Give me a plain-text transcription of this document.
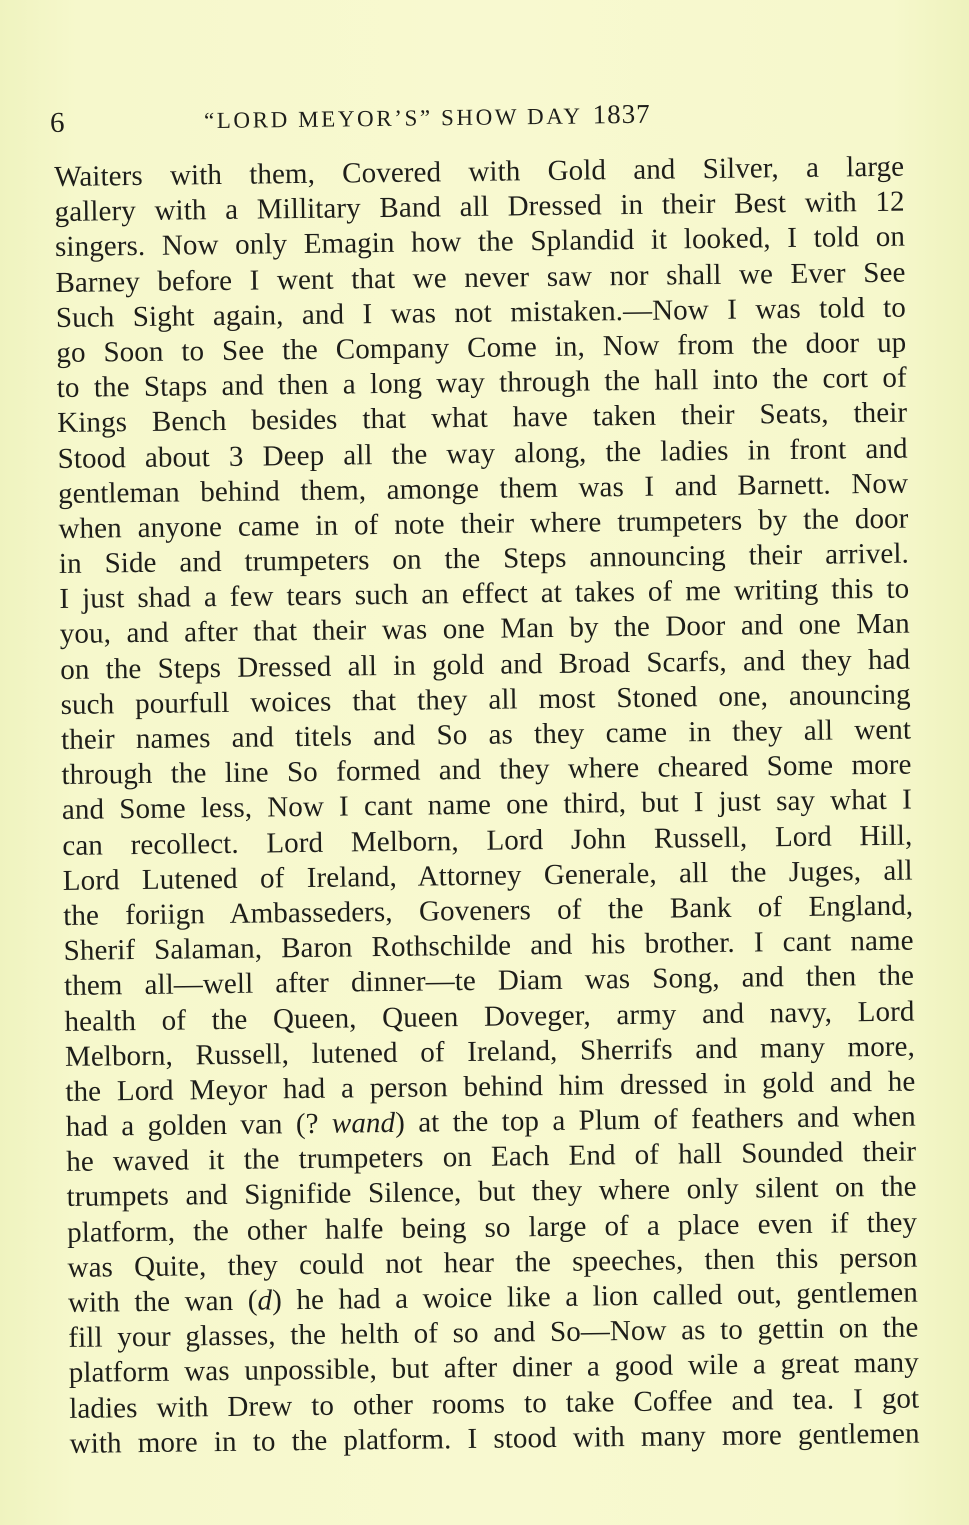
6	“LORD MEYOR’S” SHOW DAY 1837
Waiters with them, Covered with Gold and Silver, a large
gallery with a Millitary Band all Dressed in their Best with 12
singers. Now only Emagin how the Splandid it looked, I told on
Barney before I went that we never saw nor shall we Ever See
Such Sight again, and I was not mistaken.—Now I was told to
go Soon to See the Company Come in, Now from the door up
to the Staps and then a long way through the hall into the cort of
Kings Bench besides that what have taken their Seats, their
Stood about 3 Deep all the way along, the ladies in front and
gentleman behind them, amonge them was I and Barnett. Now
when anyone came in of note their where trumpeters by the door
in Side and trumpeters on the Steps announcing their arrivel.
I just shad a few tears such an effect at takes of me writing this to
you, and after that their was one Man by the Door and one Man
on the Steps Dressed all in gold and Broad Scarfs, and they had
such pourfull woices that they all most Stoned one, anouncing
their names and titels and So as they came in they all went
through the line So formed and they where cheared Some more
and Some less, Now I cant name one third, but I just say what I
can recollect. Lord Melborn, Lord John Russell, Lord Hill,
Lord Lutened of Ireland, Attorney Generale, all the Juges, all
the foriign Ambasseders, Goveners of the Bank of England,
Sherif Salaman, Baron Rothschilde and his brother. I cant name
them all—well after dinner—te Diam was Song, and then the
health of the Queen, Queen Doveger, army and navy, Lord
Melborn, Russell, lutened of Ireland, Sherrifs and many more,
the Lord Meyor had a person behind him dressed in gold and he
had a golden van (? wand) at the top a Plum of feathers and when
he waved it the trumpeters on Each End of hall Sounded their
trumpets and Signifide Silence, but they where only silent on the
platform, the other halfe being so large of a place even if they
was Quite, they could not hear the speeches, then this person
with the wan (d) he had a woice like a lion called out, gentlemen
fill your glasses, the helth of so and So—Now as to gettin on the
platform was unpossible, but after diner a good wile a great many
ladies with Drew to other rooms to take Coffee and tea. I got
with more in to the platform. I stood with many more gentlemen
